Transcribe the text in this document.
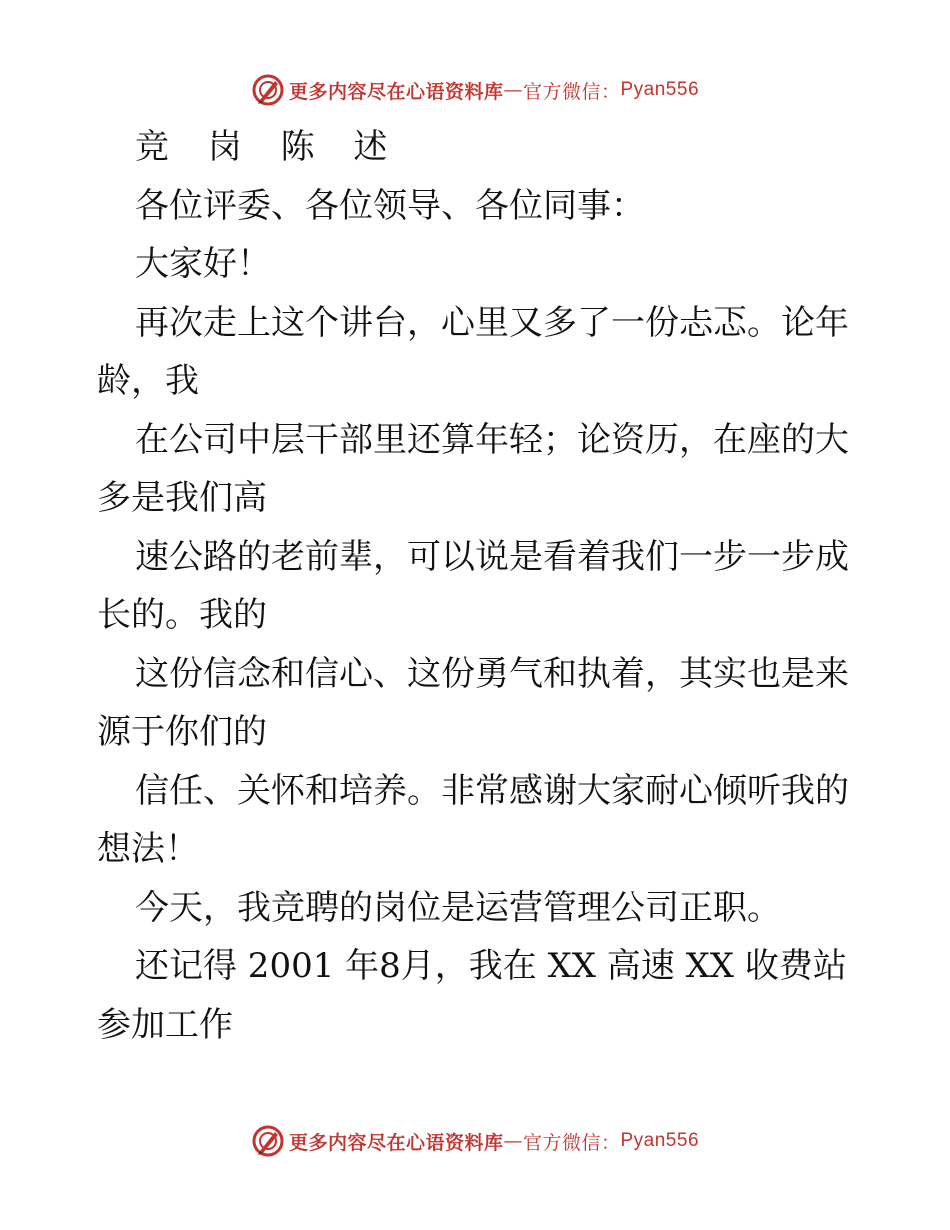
更多内容尽在心语资料库 — 官方微信： Pyan556

竞 岗 陈 述

各位评委、各位领导、各位同事：

大家好！

再次走上这个讲台，心里又多了一份忐忑。论年

龄，我

在公司中层干部里还算年轻；论资历，在座的大

多是我们高

速公路的老前辈，可以说是看着我们一步一步成

长的。我的

这份信念和信心、这份勇气和执着，其实也是来

源于你们的

信任、关怀和培养。非常感谢大家耐心倾听我的

想法！

今天，我竞聘的岗位是运营管理公司正职。

还记得 2001 年8月，我在 XX 高速 XX 收费站

参加工作

更多内容尽在心语资料库 — 官方微信： Pyan556
